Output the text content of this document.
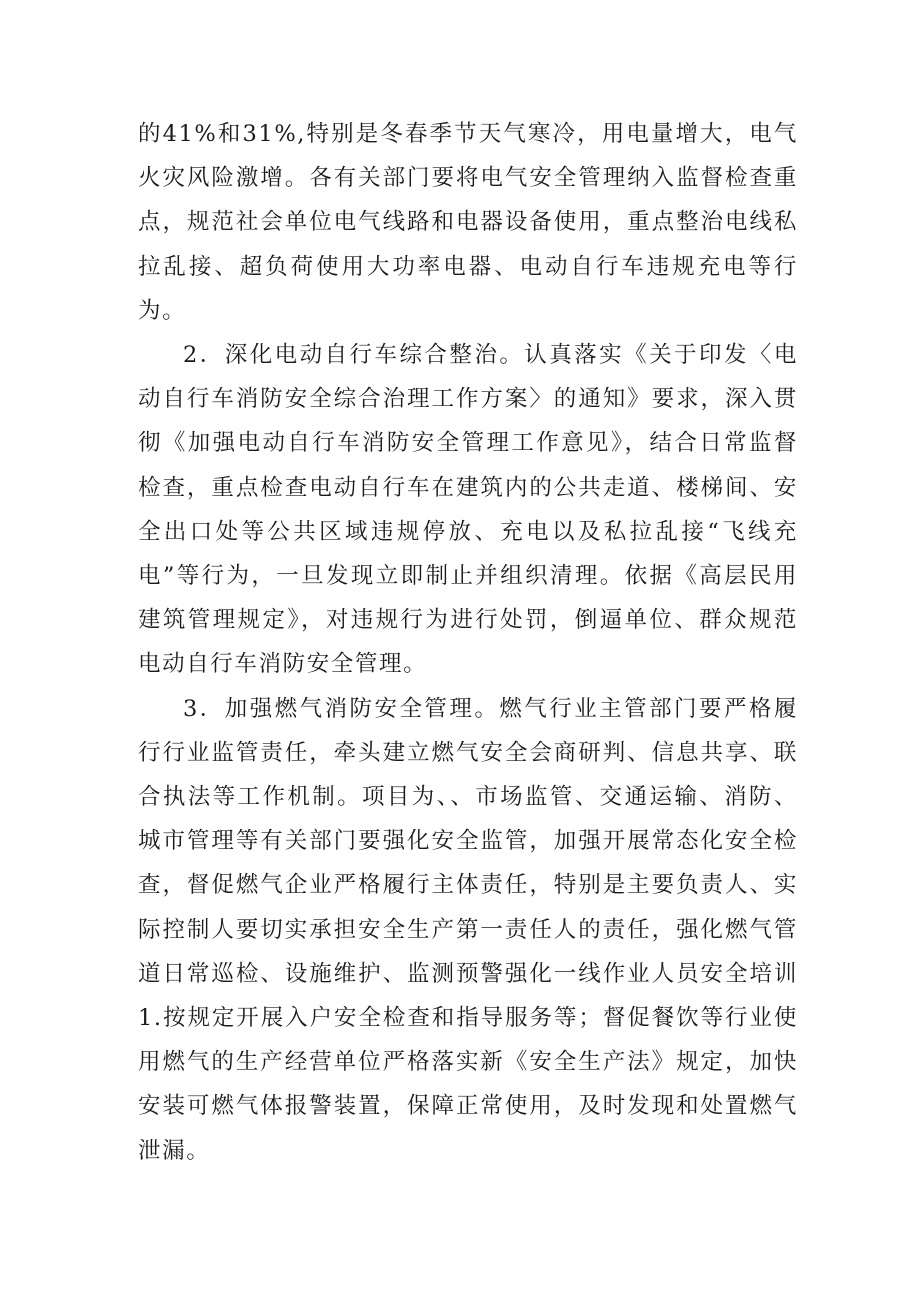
的41%和31%,特别是冬春季节天气寒冷，用电量增大，电气火灾风险激增。各有关部门要将电气安全管理纳入监督检查重点，规范社会单位电气线路和电器设备使用，重点整治电线私拉乱接、超负荷使用大功率电器、电动自行车违规充电等行为。

2．深化电动自行车综合整治。认真落实《关于印发〈电动自行车消防安全综合治理工作方案〉的通知》要求，深入贯彻《加强电动自行车消防安全管理工作意见》，结合日常监督检查，重点检查电动自行车在建筑内的公共走道、楼梯间、安全出口处等公共区域违规停放、充电以及私拉乱接“飞线充电”等行为，一旦发现立即制止并组织清理。依据《高层民用建筑管理规定》，对违规行为进行处罚，倒逼单位、群众规范电动自行车消防安全管理。

3．加强燃气消防安全管理。燃气行业主管部门要严格履行行业监管责任，牵头建立燃气安全会商研判、信息共享、联合执法等工作机制。项目为、、市场监管、交通运输、消防、城市管理等有关部门要强化安全监管，加强开展常态化安全检查，督促燃气企业严格履行主体责任，特别是主要负责人、实际控制人要切实承担安全生产第一责任人的责任，强化燃气管道日常巡检、设施维护、监测预警强化一线作业人员安全培训1.按规定开展入户安全检查和指导服务等；督促餐饮等行业使用燃气的生产经营单位严格落实新《安全生产法》规定，加快安装可燃气体报警装置，保障正常使用，及时发现和处置燃气泄漏。
